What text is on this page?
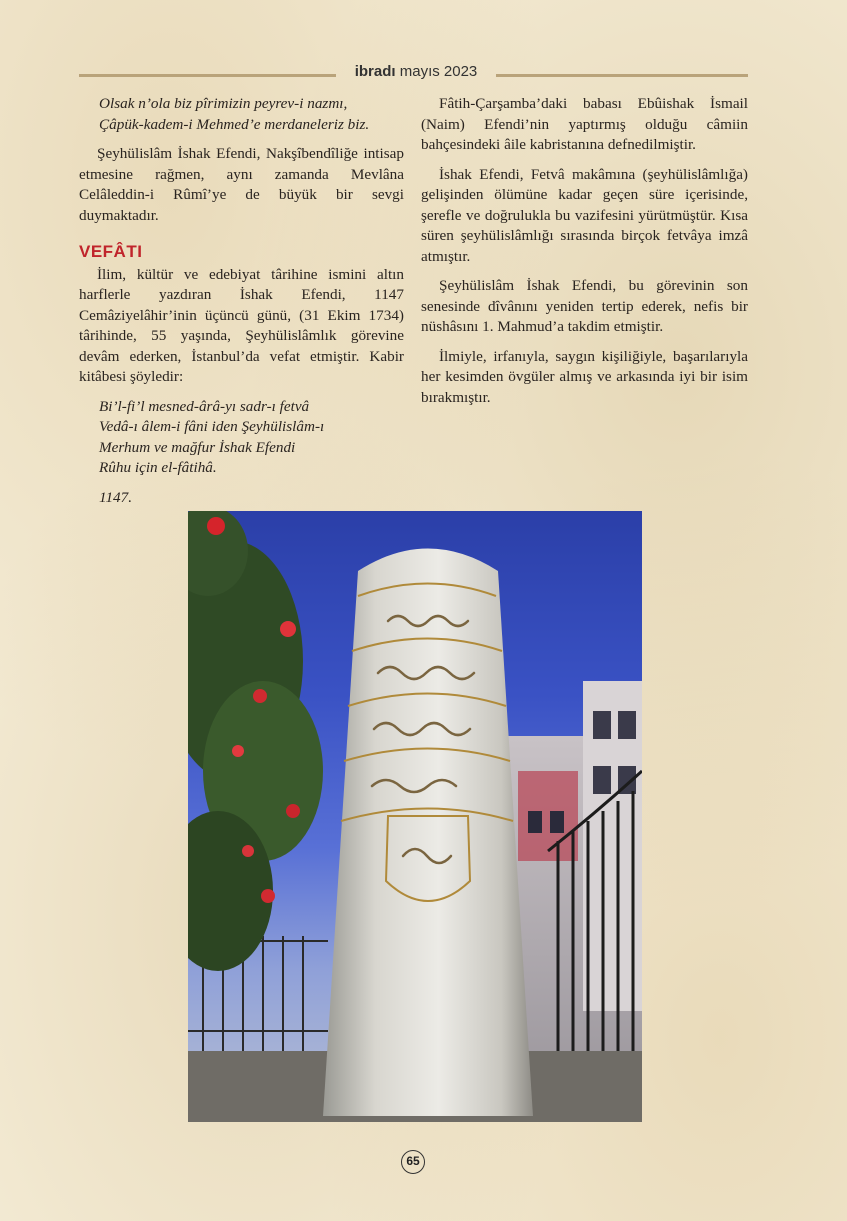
ibradı mayıs 2023
Olsak n’ola biz pîrimizin peyrev-i nazmı,
Çâpük-kadem-i Mehmed’e merdaneleriz biz.

Şeyhülislâm İshak Efendi, Nakşîbendîliğe intisap etmesine rağmen, aynı zamanda Mevlâna Celâleddin-i Rûmî’ye de büyük bir sevgi duymaktadır.

VEFÂTI

İlim, kültür ve edebiyat târihine ismini altın harflerle yazdıran İshak Efendi, 1147 Cemâziyelâhir’inin üçüncü günü, (31 Ekim 1734) târihinde, 55 yaşında, Şeyhülislâmlık görevine devâm ederken, İstanbul’da vefat etmiştir. Kabir kitâbesi şöyledir:

Bi’l-fi’l mesned-ârâ-yı sadr-ı fetvâ
Vedâ-ı âlem-i fâni iden Şeyhülislâm-ı
Merhum ve mağfur İshak Efendi
Rûhu için el-fâtihâ.
1147.

Fâtih-Çarşamba’daki babası Ebûishak İsmail (Naim) Efendi’nin yaptırmış olduğu câmiin bahçesindeki âile kabristanına defnedilmiştir.

İshak Efendi, Fetvâ makâmına (şeyhülislâmlığa) gelişinden ölümüne kadar geçen süre içerisinde, şerefle ve doğrulukla bu vazifesini yürütmüştür. Kısa süren şeyhülislâmlığı sırasında birçok fetvâya imzâ atmıştır.

Şeyhülislâm İshak Efendi, bu görevinin son senesinde dîvânını yeniden tertip ederek, nefis bir nüshâsını 1. Mahmud’a takdim etmiştir.

İlmiyle, irfanıyla, saygın kişiliğiyle, başarılarıyla her kesimden övgüler almış ve arkasında iyi bir isim bırakmıştır.

65
